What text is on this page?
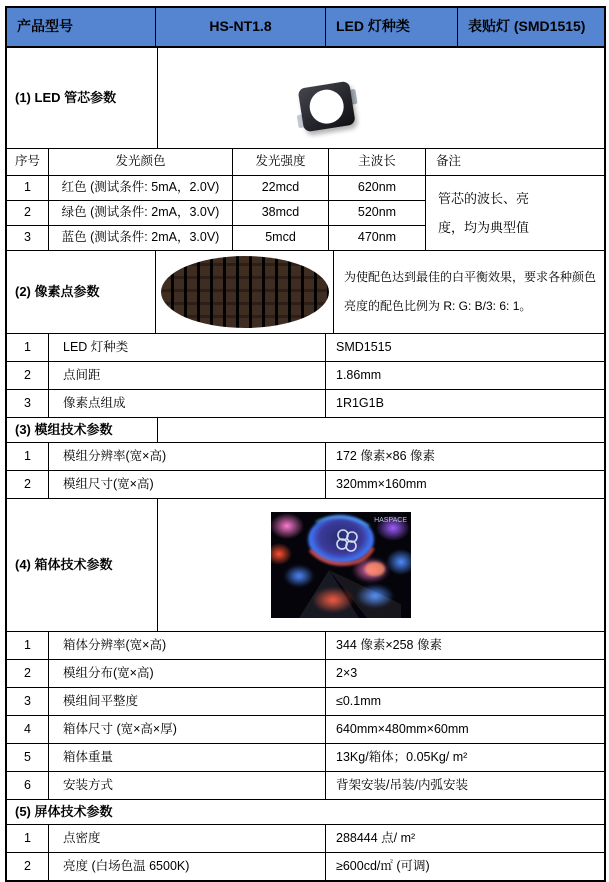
产品型号	HS-NT1.8	LED 灯种类	表贴灯 (SMD1515)
(1) LED 管芯参数
序号	发光颜色	发光强度	主波长	备注
1	红色 (测试条件: 5mA，2.0V)	22mcd	620nm
2	绿色 (测试条件: 2mA，3.0V)	38mcd	520nm
3	蓝色 (测试条件: 2mA，3.0V)	5mcd	470nm
管芯的波长、亮度，均为典型值
(2) 像素点参数
为使配色达到最佳的白平衡效果，要求各种颜色亮度的配色比例为 R: G: B/3: 6: 1。
1	LED 灯种类	SMD1515
2	点间距	1.86mm
3	像素点组成	1R1G1B
(3) 模组技术参数
1	模组分辨率(宽×高)	172 像素×86 像素
2	模组尺寸(宽×高)	320mm×160mm
(4) 箱体技术参数
HASPACE
1	箱体分辨率(宽×高)	344 像素×258 像素
2	模组分布(宽×高)	2×3
3	模组间平整度	≤0.1mm
4	箱体尺寸 (宽×高×厚)	640mm×480mm×60mm
5	箱体重量	13Kg/箱体；0.05Kg/ m²
6	安装方式	背架安装/吊装/内弧安装
(5) 屏体技术参数
1	点密度	288444 点/ m²
2	亮度 (白场色温 6500K)	≥600cd/㎡ (可调)
